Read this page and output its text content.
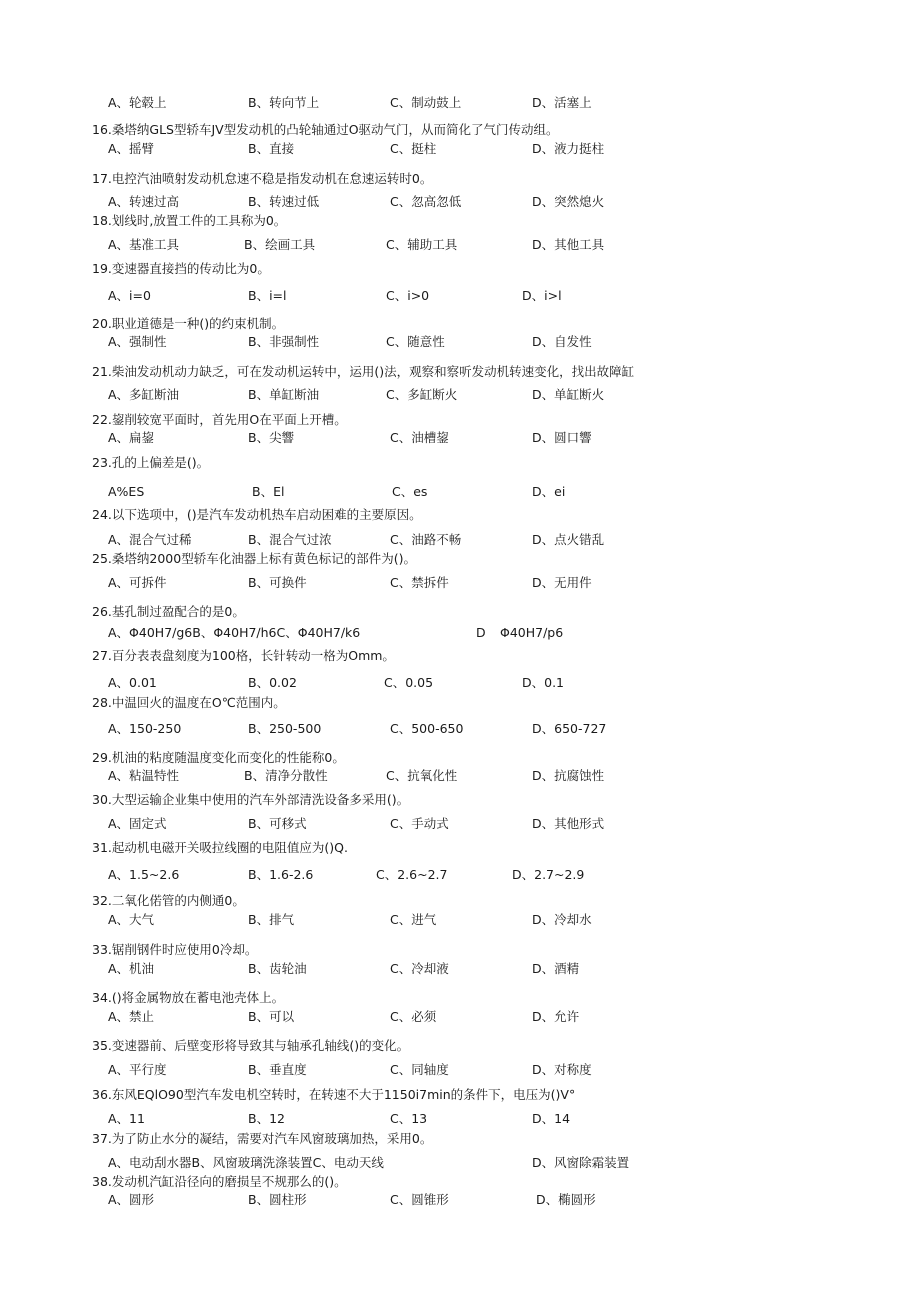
A、轮毂上	B、转向节上	C、制动鼓上	D、活塞上
16.桑塔纳GLS型轿车JV型发动机的凸轮轴通过O驱动气门，从而简化了气门传动组。
A、摇臂	B、直接	C、挺柱	D、液力挺柱
17.电控汽油喷射发动机怠速不稳是指发动机在怠速运转时0。
A、转速过高	B、转速过低	C、忽高忽低	D、突然熄火
18.划线时,放置工件的工具称为0。
A、基准工具	B、绘画工具	C、辅助工具	D、其他工具
19.变速器直接挡的传动比为0。
A、i=0	B、i=l	C、i>0	D、i>l
20.职业道德是一种()的约束机制。
A、强制性	B、非强制性	C、随意性	D、自发性
21.柴油发动机动力缺乏，可在发动机运转中，运用()法，观察和察听发动机转速变化，找出故障缸
A、多缸断油	B、单缸断油	C、多缸断火	D、单缸断火
22.鋆削较宽平面时，首先用O在平面上开槽。
A、扁鋆	B、尖響	C、油槽鋆	D、圆口響
23.孔的上偏差是()。
A%ES	B、El	C、es	D、ei
24.以下选项中，()是汽车发动机热车启动困难的主要原因。
A、混合气过稀	B、混合气过浓	C、油路不畅	D、点火错乱
25.桑塔纳2000型轿车化油器上标有黄色标记的部件为()。
A、可拆件	B、可换件	C、禁拆件	D、无用件
26.基孔制过盈配合的是0。
A、Φ40H7∕g6B、Φ40H7∕h6C、Φ40H7∕k6	D Φ40H7∕p6
27.百分表表盘刻度为100格，长针转动一格为Omm。
A、0.01	B、0.02	C、0.05	D、0.1
28.中温回火的温度在O℃范围内。
A、150-250	B、250-500	C、500-650	D、650-727
29.机油的粘度随温度变化而变化的性能称0。
A、粘温特性	B、清净分散性	C、抗氧化性	D、抗腐蚀性
30.大型运输企业集中使用的汽车外部清洗设备多采用()。
A、固定式	B、可移式	C、手动式	D、其他形式
31.起动机电磁开关吸拉线圈的电阻值应为()Q.
A、1.5~2.6	B、1.6-2.6	C、2.6~2.7	D、2.7~2.9
32.二氧化偌管的内侧通0。
A、大气	B、排气	C、进气	D、冷却水
33.锯削钢件时应使用0冷却。
A、机油	B、齿轮油	C、冷却液	D、酒精
34.()将金属物放在蓄电池壳体上。
A、禁止	B、可以	C、必须	D、允许
35.变速器前、后壁变形将导致其与轴承孔轴线()的变化。
A、平行度	B、垂直度	C、同轴度	D、对称度
36.东风EQlO90型汽车发电机空转时，在转速不大于1150i7min的条件下，电压为()V°
A、11	B、12	C、13	D、14
37.为了防止水分的凝结，需要对汽车风窗玻璃加热，采用0。
A、电动刮水器B、风窗玻璃洗涤装置C、电动天线	D、风窗除霜装置
38.发动机汽缸沿径向的磨损呈不规那么的()。
A、圆形	B、圆柱形	C、圆锥形	D、椭圆形
